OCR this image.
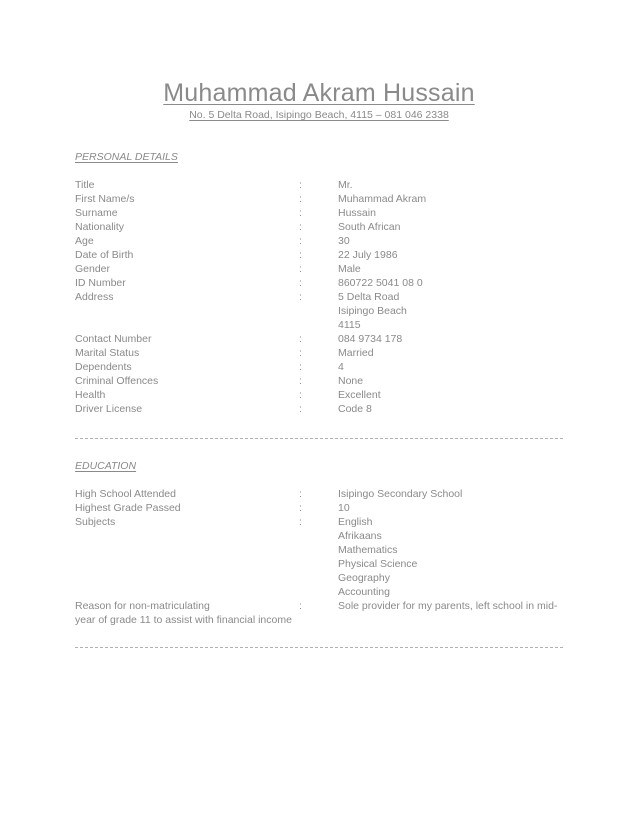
Muhammad Akram Hussain
No. 5 Delta Road, Isipingo Beach, 4115 – 081 046 2338
PERSONAL DETAILS
Title	:	Mr.
First Name/s	:	Muhammad Akram
Surname	:	Hussain
Nationality	:	South African
Age	:	30
Date of Birth	:	22 July 1986
Gender	:	Male
ID Number	:	860722 5041 08 0
Address	:	5 Delta Road
Isipingo Beach
4115
Contact Number	:	084 9734 178
Marital Status	:	Married
Dependents	:	4
Criminal Offences	:	None
Health	:	Excellent
Driver License	:	Code 8
EDUCATION
High School Attended	:	Isipingo Secondary School
Highest Grade Passed	:	10
Subjects	:	English
Afrikaans
Mathematics
Physical Science
Geography
Accounting
Reason for non-matriculating	:	Sole provider for my parents, left school in mid-
year of grade 11 to assist with financial income
